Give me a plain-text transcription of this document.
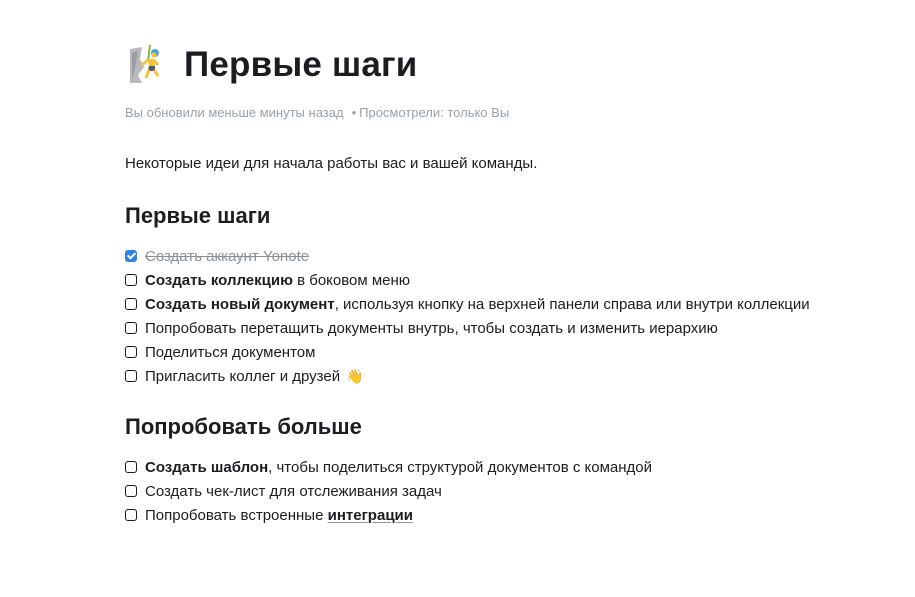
Первые шаги
Вы обновили меньше минуты назад • Просмотрели: только Вы
Некоторые идеи для начала работы вас и вашей команды.
Первые шаги
Создать аккаунт Yonote
Создать коллекцию в боковом меню
Создать новый документ , используя кнопку на верхней панели справа или внутри коллекции
Попробовать перетащить документы внутрь, чтобы создать и изменить иерархию
Поделиться документом
Пригласить коллег и друзей 👋
Попробовать больше
Создать шаблон , чтобы поделиться структурой документов с командой
Создать чек-лист для отслеживания задач
Попробовать встроенные интеграции
